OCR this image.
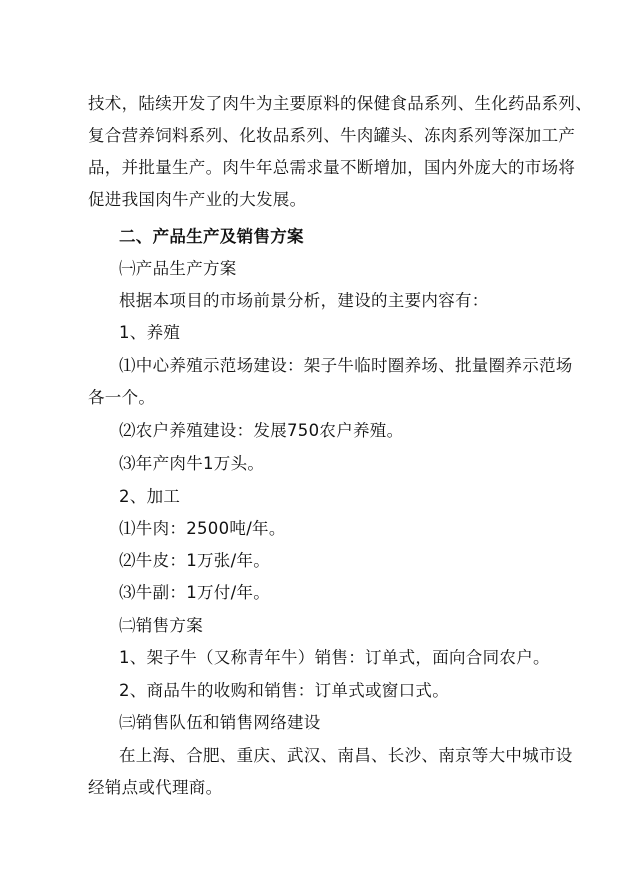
技术，陆续开发了肉牛为主要原料的保健食品系列、生化药品系列、
复合营养饲料系列、化妆品系列、牛肉罐头、冻肉系列等深加工产
品，并批量生产。肉牛年总需求量不断增加，国内外庞大的市场将
促进我国肉牛产业的大发展。
二、产品生产及销售方案
㈠产品生产方案
根据本项目的市场前景分析，建设的主要内容有：
1、养殖
⑴中心养殖示范场建设：架子牛临时圈养场、批量圈养示范场
各一个。
⑵农户养殖建设：发展750农户养殖。
⑶年产肉牛1万头。
2、加工
⑴牛肉：2500吨/年。
⑵牛皮：1万张/年。
⑶牛副：1万付/年。
㈡销售方案
1、架子牛（又称青年牛）销售：订单式，面向合同农户。
2、商品牛的收购和销售：订单式或窗口式。
㈢销售队伍和销售网络建设
在上海、合肥、重庆、武汉、南昌、长沙、南京等大中城市设
经销点或代理商。
